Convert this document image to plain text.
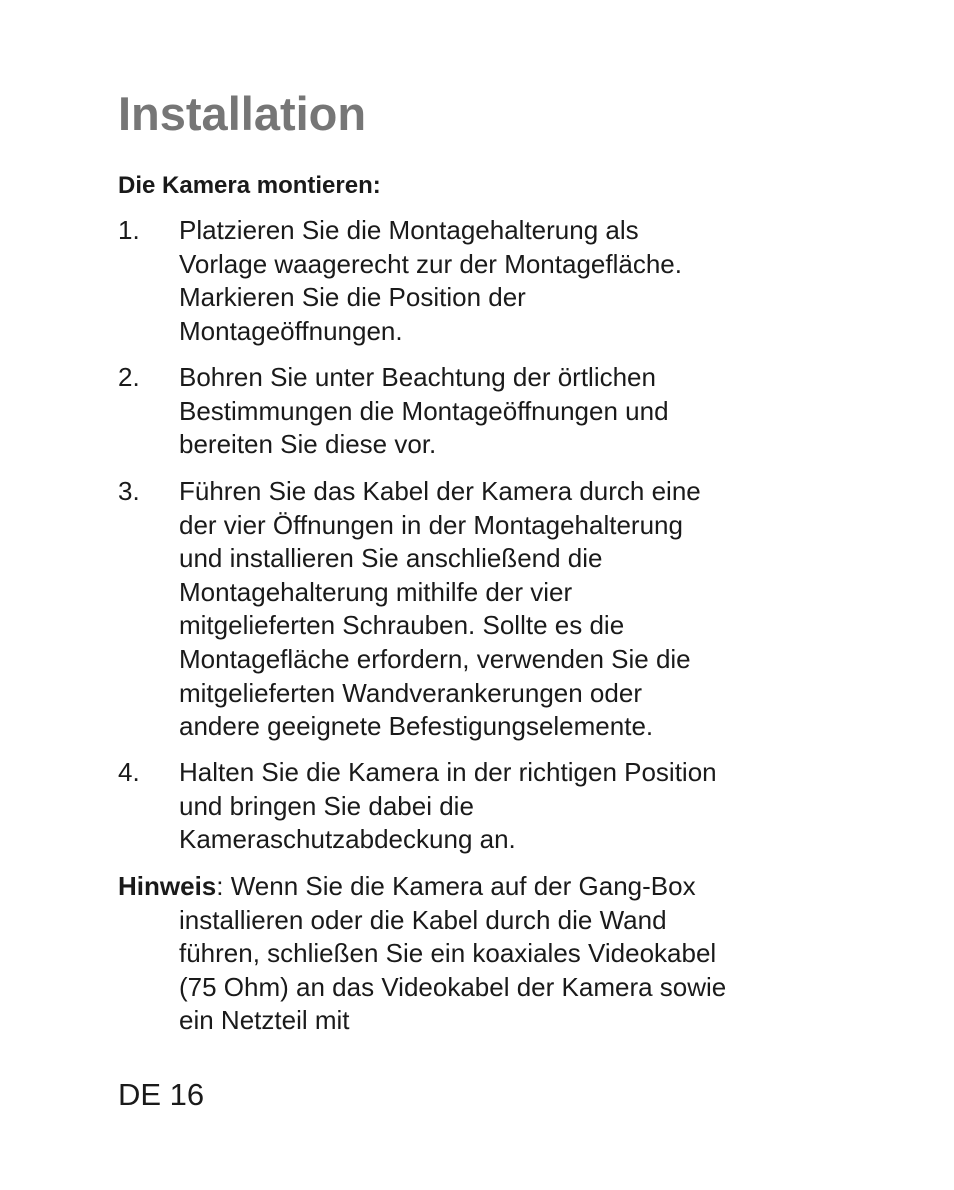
Installation
Die Kamera montieren:
1. Platzieren Sie die Montagehalterung als
Vorlage waagerecht zur der Montagefläche.
Markieren Sie die Position der
Montageöffnungen.
2. Bohren Sie unter Beachtung der örtlichen
Bestimmungen die Montageöffnungen und
bereiten Sie diese vor.
3. Führen Sie das Kabel der Kamera durch eine
der vier Öffnungen in der Montagehalterung
und installieren Sie anschließend die
Montagehalterung mithilfe der vier
mitgelieferten Schrauben. Sollte es die
Montagefläche erfordern, verwenden Sie die
mitgelieferten Wandverankerungen oder
andere geeignete Befestigungselemente.
4. Halten Sie die Kamera in der richtigen Position
und bringen Sie dabei die
Kameraschutzabdeckung an.
Hinweis: Wenn Sie die Kamera auf der Gang-Box
installieren oder die Kabel durch die Wand
führen, schließen Sie ein koaxiales Videokabel
(75 Ohm) an das Videokabel der Kamera sowie
ein Netzteil mit
DE 16
